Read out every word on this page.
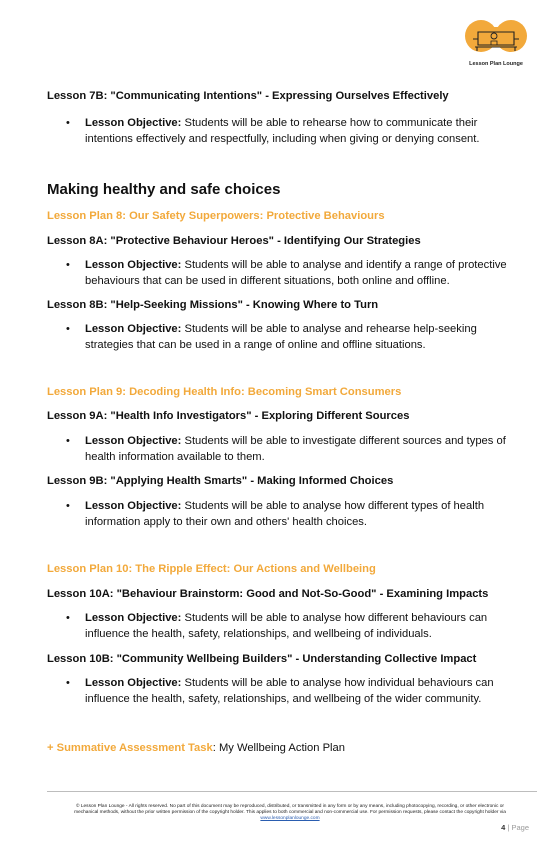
Lesson Plan Lounge

Lesson 7B: "Communicating Intentions" - Expressing Ourselves Effectively

• Lesson Objective: Students will be able to rehearse how to communicate their
intentions effectively and respectfully, including when giving or denying consent.

Making healthy and safe choices

Lesson Plan 8: Our Safety Superpowers: Protective Behaviours

Lesson 8A: "Protective Behaviour Heroes" - Identifying Our Strategies

• Lesson Objective: Students will be able to analyse and identify a range of protective
behaviours that can be used in different situations, both online and offline.

Lesson 8B: "Help-Seeking Missions" - Knowing Where to Turn

• Lesson Objective: Students will be able to analyse and rehearse help-seeking
strategies that can be used in a range of online and offline situations.

Lesson Plan 9: Decoding Health Info: Becoming Smart Consumers

Lesson 9A: "Health Info Investigators" - Exploring Different Sources

• Lesson Objective: Students will be able to investigate different sources and types of
health information available to them.

Lesson 9B: "Applying Health Smarts" - Making Informed Choices

• Lesson Objective: Students will be able to analyse how different types of health
information apply to their own and others' health choices.

Lesson Plan 10: The Ripple Effect: Our Actions and Wellbeing

Lesson 10A: "Behaviour Brainstorm: Good and Not-So-Good" - Examining Impacts

• Lesson Objective: Students will be able to analyse how different behaviours can
influence the health, safety, relationships, and wellbeing of individuals.

Lesson 10B: "Community Wellbeing Builders" - Understanding Collective Impact

• Lesson Objective: Students will be able to analyse how individual behaviours can
influence the health, safety, relationships, and wellbeing of the wider community.

+ Summative Assessment Task: My Wellbeing Action Plan

© Lesson Plan Lounge - All rights reserved. No part of this document may be reproduced, distributed, or transmitted in any form or by any means, including photocopying, recording, or other electronic or
mechanical methods, without the prior written permission of the copyright holder. This applies to both commercial and non-commercial use. For permission requests, please contact the copyright holder via
www.lessonplanlounge.com
4 | Page
